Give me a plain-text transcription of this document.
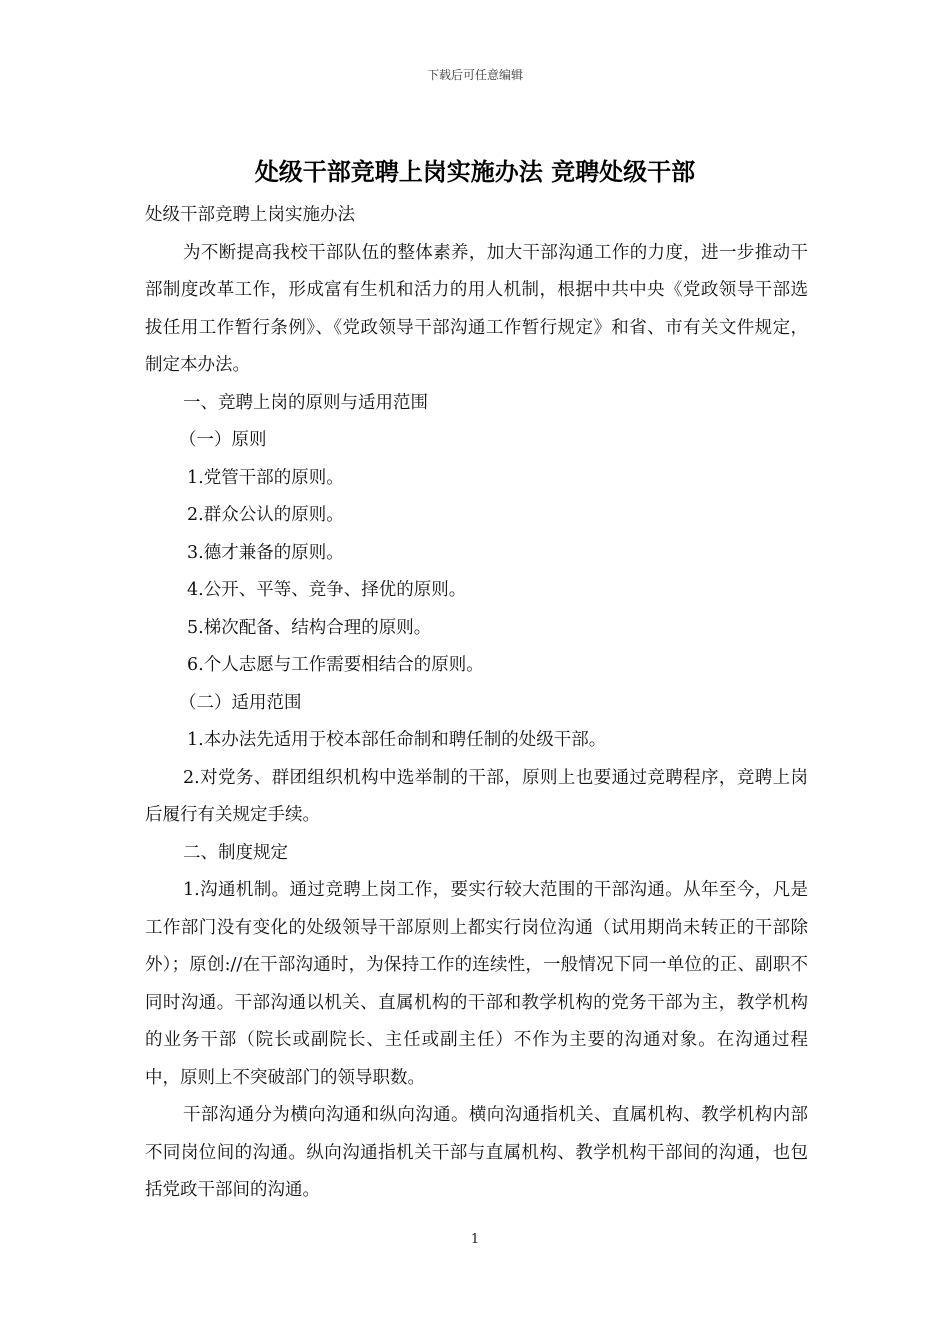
下载后可任意编辑
处级干部竞聘上岗实施办法 竞聘处级干部

处级干部竞聘上岗实施办法

为不断提高我校干部队伍的整体素养，加大干部沟通工作的力度，进一步推动干部制度改革工作，形成富有生机和活力的用人机制，根据中共中央《党政领导干部选拔任用工作暂行条例》、《党政领导干部沟通工作暂行规定》和省、市有关文件规定，制定本办法。

一、竞聘上岗的原则与适用范围

（一）原则

1.党管干部的原则。

2.群众公认的原则。

3.德才兼备的原则。

4.公开、平等、竞争、择优的原则。

5.梯次配备、结构合理的原则。

6.个人志愿与工作需要相结合的原则。

（二）适用范围

1.本办法先适用于校本部任命制和聘任制的处级干部。

2.对党务、群团组织机构中选举制的干部，原则上也要通过竞聘程序，竞聘上岗后履行有关规定手续。

二、制度规定

1.沟通机制。通过竞聘上岗工作，要实行较大范围的干部沟通。从年至今，凡是工作部门没有变化的处级领导干部原则上都实行岗位沟通（试用期尚未转正的干部除外）；原创://在干部沟通时，为保持工作的连续性，一般情况下同一单位的正、副职不同时沟通。干部沟通以机关、直属机构的干部和教学机构的党务干部为主，教学机构的业务干部（院长或副院长、主任或副主任）不作为主要的沟通对象。在沟通过程中，原则上不突破部门的领导职数。

干部沟通分为横向沟通和纵向沟通。横向沟通指机关、直属机构、教学机构内部不同岗位间的沟通。纵向沟通指机关干部与直属机构、教学机构干部间的沟通，也包括党政干部间的沟通。

1
